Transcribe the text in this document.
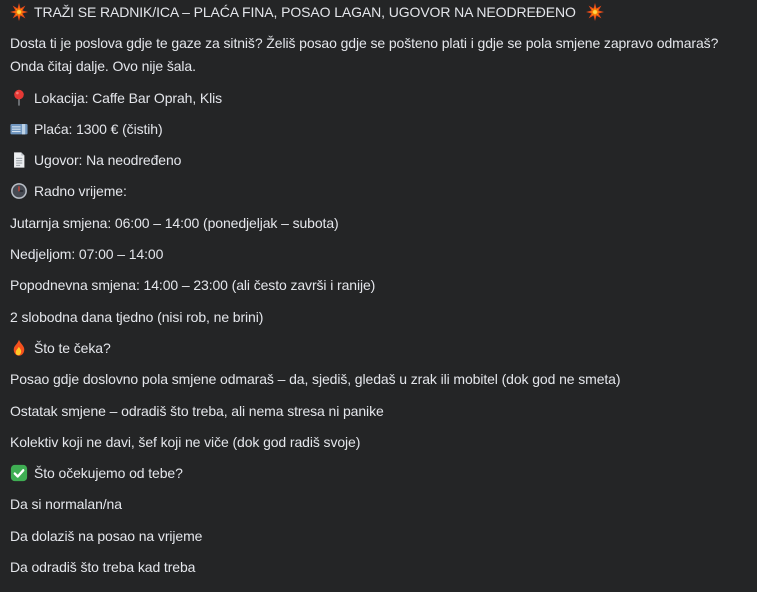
TRAŽI SE RADNIK/ICA – PLAĆA FINA, POSAO LAGAN, UGOVOR NA NEODREĐENO
Dosta ti je poslova gdje te gaze za sitniš? Želiš posao gdje se pošteno plati i gdje se pola smjene zapravo odmaraš? Onda čitaj dalje. Ovo nije šala.
Lokacija: Caffe Bar Oprah, Klis
Plaća: 1300 € (čistih)
Ugovor: Na neodređeno
Radno vrijeme:
Jutarnja smjena: 06:00 – 14:00 (ponedjeljak – subota)
Nedjeljom: 07:00 – 14:00
Popodnevna smjena: 14:00 – 23:00 (ali često završi i ranije)
2 slobodna dana tjedno (nisi rob, ne brini)
Što te čeka?
Posao gdje doslovno pola smjene odmaraš – da, sjediš, gledaš u zrak ili mobitel (dok god ne smeta)
Ostatak smjene – odradiš što treba, ali nema stresa ni panike
Kolektiv koji ne davi, šef koji ne viče (dok god radiš svoje)
Što očekujemo od tebe?
Da si normalan/na
Da dolaziš na posao na vrijeme
Da odradiš što treba kad treba
